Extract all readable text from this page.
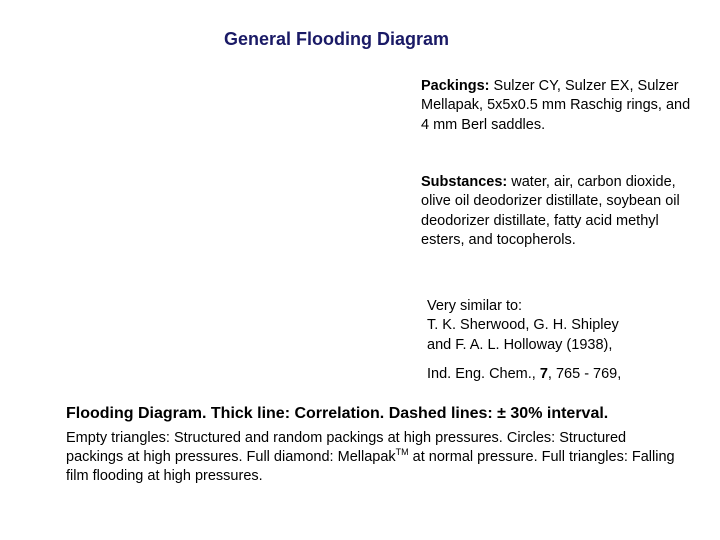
General Flooding Diagram
Packings: Sulzer CY, Sulzer EX, Sulzer Mellapak, 5x5x0.5 mm Raschig rings, and 4 mm Berl saddles.
Substances: water, air, carbon dioxide, olive oil deodorizer distillate, soybean oil deodorizer distillate, fatty acid methyl esters, and tocopherols.
Very similar to:
T. K. Sherwood, G. H. Shipley
and F. A. L. Holloway (1938),
Ind. Eng. Chem., 7, 765 - 769,
Flooding Diagram. Thick line: Correlation. Dashed lines: ± 30% interval.
Empty triangles: Structured and random packings at high pressures. Circles: Structured packings at high pressures. Full diamond: Mellapak™ at normal pressure. Full triangles: Falling film flooding at high pressures.
